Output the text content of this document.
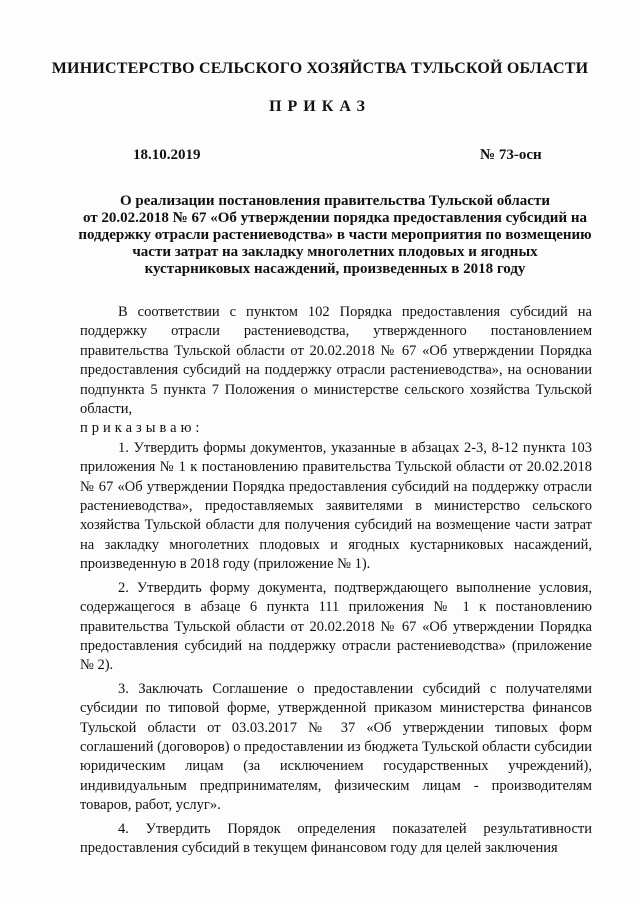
МИНИСТЕРСТВО СЕЛЬСКОГО ХОЗЯЙСТВА ТУЛЬСКОЙ ОБЛАСТИ
ПРИКАЗ
18.10.2019	№ 73-осн
О реализации постановления правительства Тульской области
от 20.02.2018 № 67 «Об утверждении порядка предоставления субсидий на
поддержку отрасли растениеводства» в части мероприятия по возмещению
части затрат на закладку многолетних плодовых и ягодных
кустарниковых насаждений, произведенных в 2018 году

В соответствии с пунктом 102 Порядка предоставления субсидий на поддержку отрасли растениеводства, утвержденного постановлением правительства Тульской области от 20.02.2018 № 67 «Об утверждении Порядка предоставления субсидий на поддержку отрасли растениеводства», на основании подпункта 5 пункта 7 Положения о министерстве сельского хозяйства Тульской области,

приказываю:

1. Утвердить формы документов, указанные в абзацах 2-3, 8-12 пункта 103 приложения № 1 к постановлению правительства Тульской области от 20.02.2018 № 67 «Об утверждении Порядка предоставления субсидий на поддержку отрасли растениеводства», предоставляемых заявителями в министерство сельского хозяйства Тульской области для получения субсидий на возмещение части затрат на закладку многолетних плодовых и ягодных кустарниковых насаждений, произведенную в 2018 году (приложение № 1).

2. Утвердить форму документа, подтверждающего выполнение условия, содержащегося в абзаце 6 пункта 111 приложения № 1 к постановлению правительства Тульской области от 20.02.2018 № 67 «Об утверждении Порядка предоставления субсидий на поддержку отрасли растениеводства» (приложение № 2).

3. Заключать Соглашение о предоставлении субсидий с получателями субсидии по типовой форме, утвержденной приказом министерства финансов Тульской области от 03.03.2017 № 37 «Об утверждении типовых форм соглашений (договоров) о предоставлении из бюджета Тульской области субсидии юридическим лицам (за исключением государственных учреждений), индивидуальным предпринимателям, физическим лицам - производителям товаров, работ, услуг».

4. Утвердить Порядок определения показателей результативности предоставления субсидий в текущем финансовом году для целей заключения
